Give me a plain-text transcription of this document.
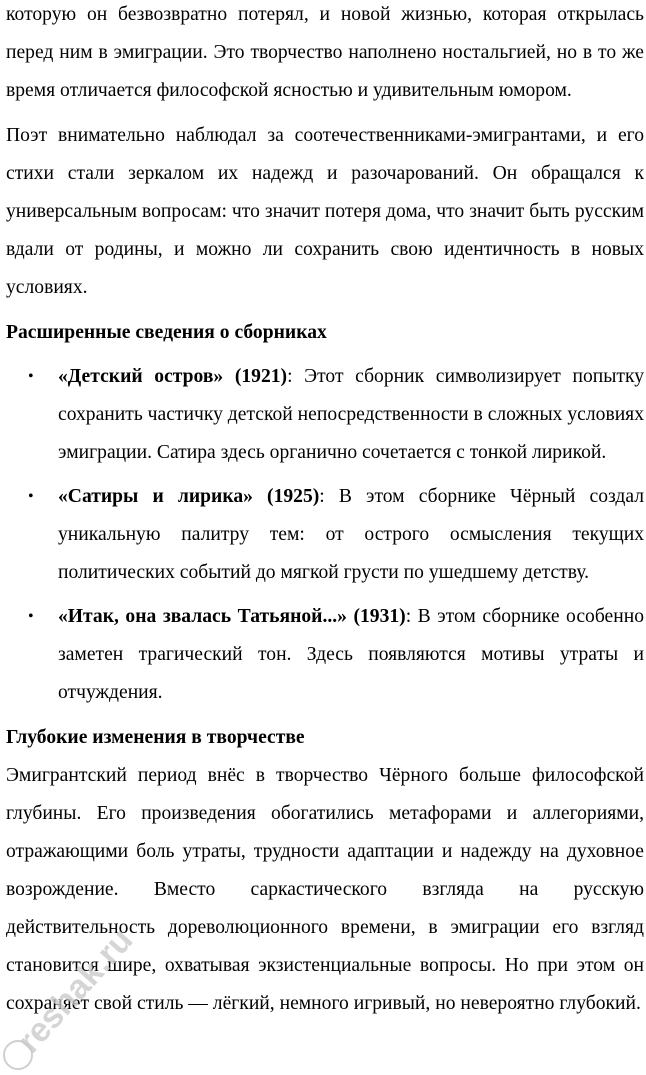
которую он безвозвратно потерял, и новой жизнью, которая открылась перед ним в эмиграции. Это творчество наполнено ностальгией, но в то же время отличается философской ясностью и удивительным юмором.

Поэт внимательно наблюдал за соотечественниками-эмигрантами, и его стихи стали зеркалом их надежд и разочарований. Он обращался к универсальным вопросам: что значит потеря дома, что значит быть русским вдали от родины, и можно ли сохранить свою идентичность в новых условиях.

Расширенные сведения о сборниках
• «Детский остров» (1921): Этот сборник символизирует попытку сохранить частичку детской непосредственности в сложных условиях эмиграции. Сатира здесь органично сочетается с тонкой лирикой.
• «Сатиры и лирика» (1925): В этом сборнике Чёрный создал уникальную палитру тем: от острого осмысления текущих политических событий до мягкой грусти по ушедшему детству.
• «Итак, она звалась Татьяной...» (1931): В этом сборнике особенно заметен трагический тон. Здесь появляются мотивы утраты и отчуждения.
Глубокие изменения в творчестве

Эмигрантский период внёс в творчество Чёрного больше философской глубины. Его произведения обогатились метафорами и аллегориями, отражающими боль утраты, трудности адаптации и надежду на духовное возрождение. Вместо саркастического взгляда на русскую действительность дореволюционного времени, в эмиграции его взгляд становится шире, охватывая экзистенциальные вопросы. Но при этом он сохраняет свой стиль — лёгкий, немного игривый, но невероятно глубокий.

reshak.ru
